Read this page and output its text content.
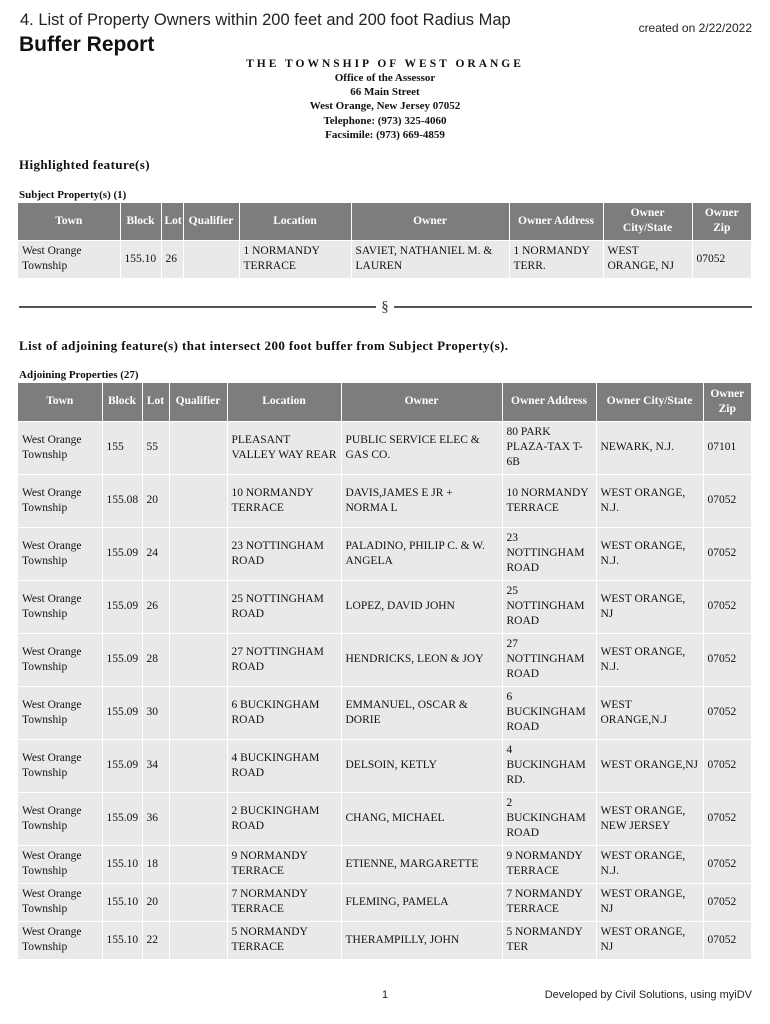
4. List of Property Owners within 200 feet and 200 foot Radius Map	created on 2/22/2022
Buffer Report
THE TOWNSHIP OF WEST ORANGE
Office of the Assessor
66 Main Street
West Orange, New Jersey 07052
Telephone: (973) 325-4060
Facsimile: (973) 669-4859
Highlighted feature(s)
Subject Property(s) (1)
Town	Block	Lot	Qualifier	Location	Owner	Owner Address	Owner City/State	Owner Zip
West Orange Township	155.10	26		1 NORMANDY TERRACE	SAVIET, NATHANIEL M. & LAUREN	1 NORMANDY TERR.	WEST ORANGE, NJ	07052
§
List of adjoining feature(s) that intersect 200 foot buffer from Subject Property(s).
Adjoining Properties (27)
Town	Block	Lot	Qualifier	Location	Owner	Owner Address	Owner City/State	Owner Zip
West Orange Township	155	55		PLEASANT VALLEY WAY REAR	PUBLIC SERVICE ELEC & GAS CO.	80 PARK PLAZA-TAX T-6B	NEWARK, N.J.	07101
West Orange Township	155.08	20		10 NORMANDY TERRACE	DAVIS,JAMES E JR + NORMA L	10 NORMANDY TERRACE	WEST ORANGE, N.J.	07052
West Orange Township	155.09	24		23 NOTTINGHAM ROAD	PALADINO, PHILIP C. & W. ANGELA	23 NOTTINGHAM ROAD	WEST ORANGE, N.J.	07052
West Orange Township	155.09	26		25 NOTTINGHAM ROAD	LOPEZ, DAVID JOHN	25 NOTTINGHAM ROAD	WEST ORANGE, NJ	07052
West Orange Township	155.09	28		27 NOTTINGHAM ROAD	HENDRICKS, LEON & JOY	27 NOTTINGHAM ROAD	WEST ORANGE, N.J.	07052
West Orange Township	155.09	30		6 BUCKINGHAM ROAD	EMMANUEL, OSCAR & DORIE	6 BUCKINGHAM ROAD	WEST ORANGE,N.J	07052
West Orange Township	155.09	34		4 BUCKINGHAM ROAD	DELSOIN, KETLY	4 BUCKINGHAM RD.	WEST ORANGE,NJ	07052
West Orange Township	155.09	36		2 BUCKINGHAM ROAD	CHANG, MICHAEL	2 BUCKINGHAM ROAD	WEST ORANGE, NEW JERSEY	07052
West Orange Township	155.10	18		9 NORMANDY TERRACE	ETIENNE, MARGARETTE	9 NORMANDY TERRACE	WEST ORANGE, N.J.	07052
West Orange Township	155.10	20		7 NORMANDY TERRACE	FLEMING, PAMELA	7 NORMANDY TERRACE	WEST ORANGE, NJ	07052
West Orange Township	155.10	22		5 NORMANDY TERRACE	THERAMPILLY, JOHN	5 NORMANDY TER	WEST ORANGE, NJ	07052
1	Developed by Civil Solutions, using myiDV
